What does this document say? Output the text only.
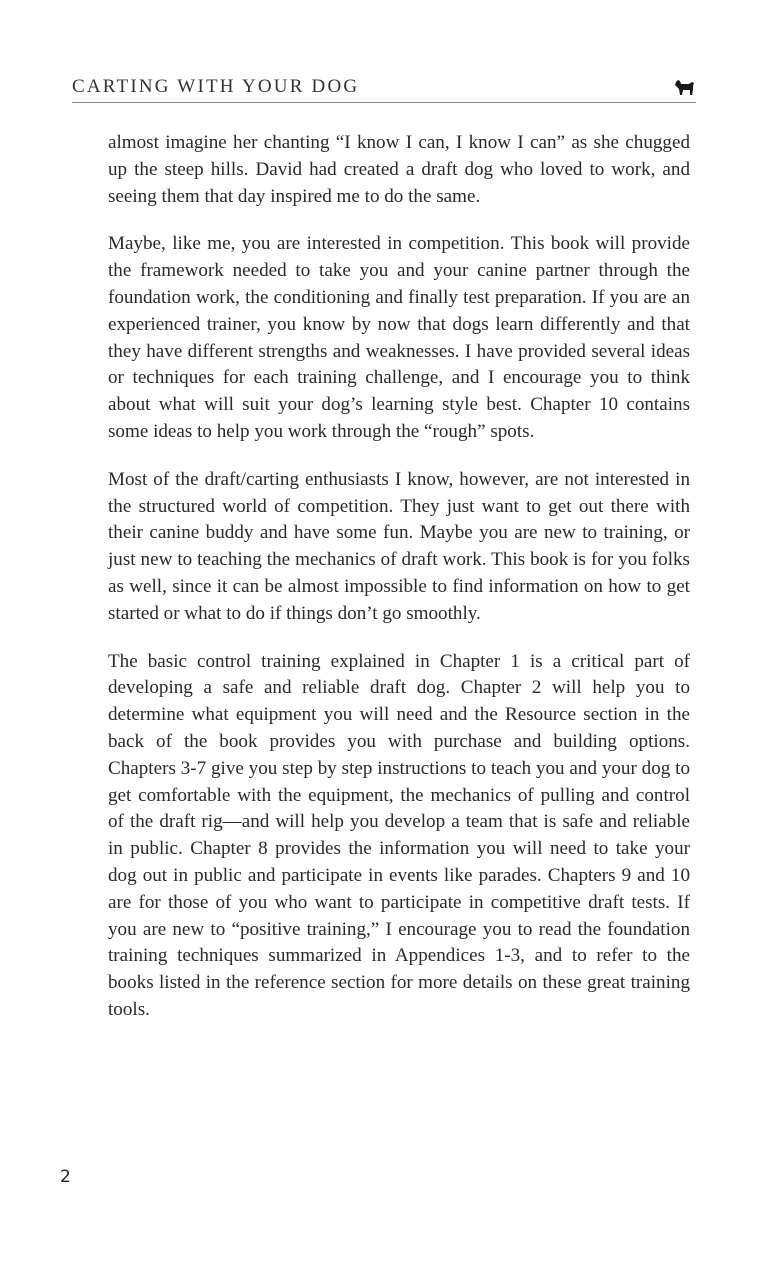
CARTING WITH YOUR DOG

almost imagine her chanting “I know I can, I know I can” as she chugged up the steep hills. David had created a draft dog who loved to work, and seeing them that day inspired me to do the same.

Maybe, like me, you are interested in competition. This book will provide the framework needed to take you and your canine partner through the foundation work, the conditioning and finally test preparation. If you are an experienced trainer, you know by now that dogs learn differently and that they have different strengths and weaknesses. I have provided several ideas or techniques for each training challenge, and I encourage you to think about what will suit your dog’s learning style best. Chapter 10 contains some ideas to help you work through the “rough” spots.

Most of the draft/carting enthusiasts I know, however, are not interested in the structured world of competition. They just want to get out there with their canine buddy and have some fun. Maybe you are new to training, or just new to teaching the mechanics of draft work. This book is for you folks as well, since it can be almost impossible to find information on how to get started or what to do if things don’t go smoothly.

The basic control training explained in Chapter 1 is a critical part of developing a safe and reliable draft dog. Chapter 2 will help you to determine what equipment you will need and the Resource section in the back of the book provides you with purchase and building options. Chapters 3-7 give you step by step instructions to teach you and your dog to get comfortable with the equipment, the mechanics of pulling and control of the draft rig—and will help you develop a team that is safe and reliable in public. Chapter 8 provides the information you will need to take your dog out in public and participate in events like parades. Chapters 9 and 10 are for those of you who want to participate in competitive draft tests. If you are new to “positive training,” I encourage you to read the foundation training techniques summarized in Appendices 1-3, and to refer to the books listed in the reference section for more details on these great training tools.

2
